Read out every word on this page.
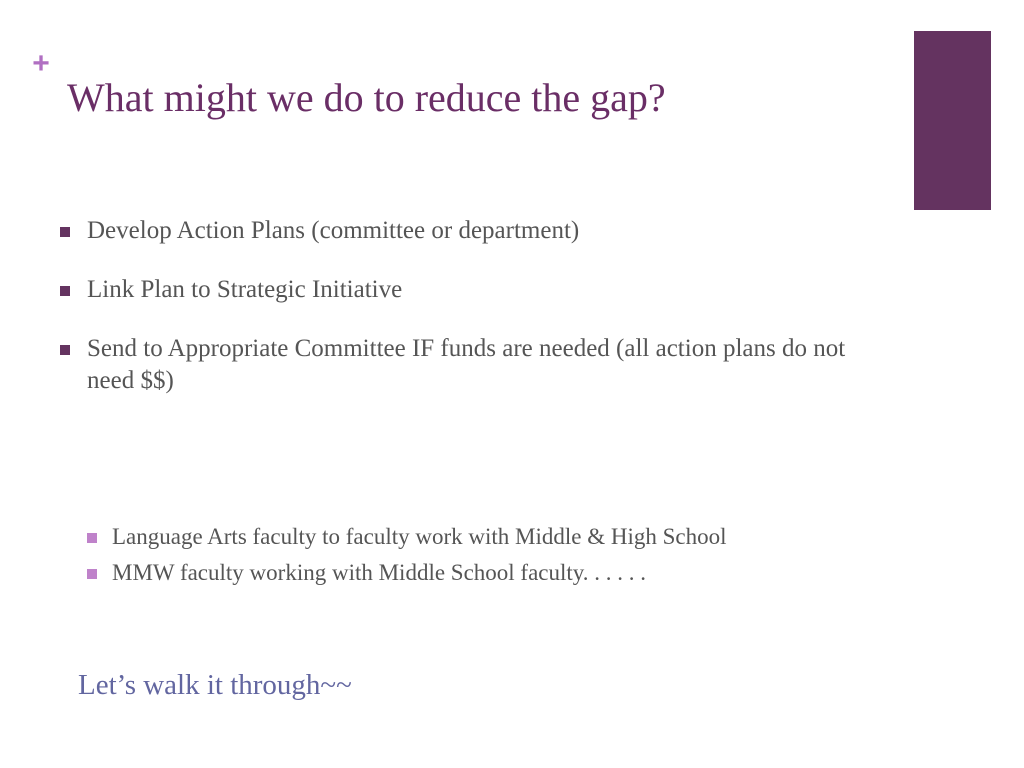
+
What might we do to reduce the gap?
Develop Action Plans (committee or department)
Link Plan to Strategic Initiative
Send to Appropriate Committee IF funds are needed (all action plans do not need $$)
Language Arts faculty to faculty work with Middle & High School
MMW faculty working with Middle School faculty. . . . . .

Let’s walk it through~~
